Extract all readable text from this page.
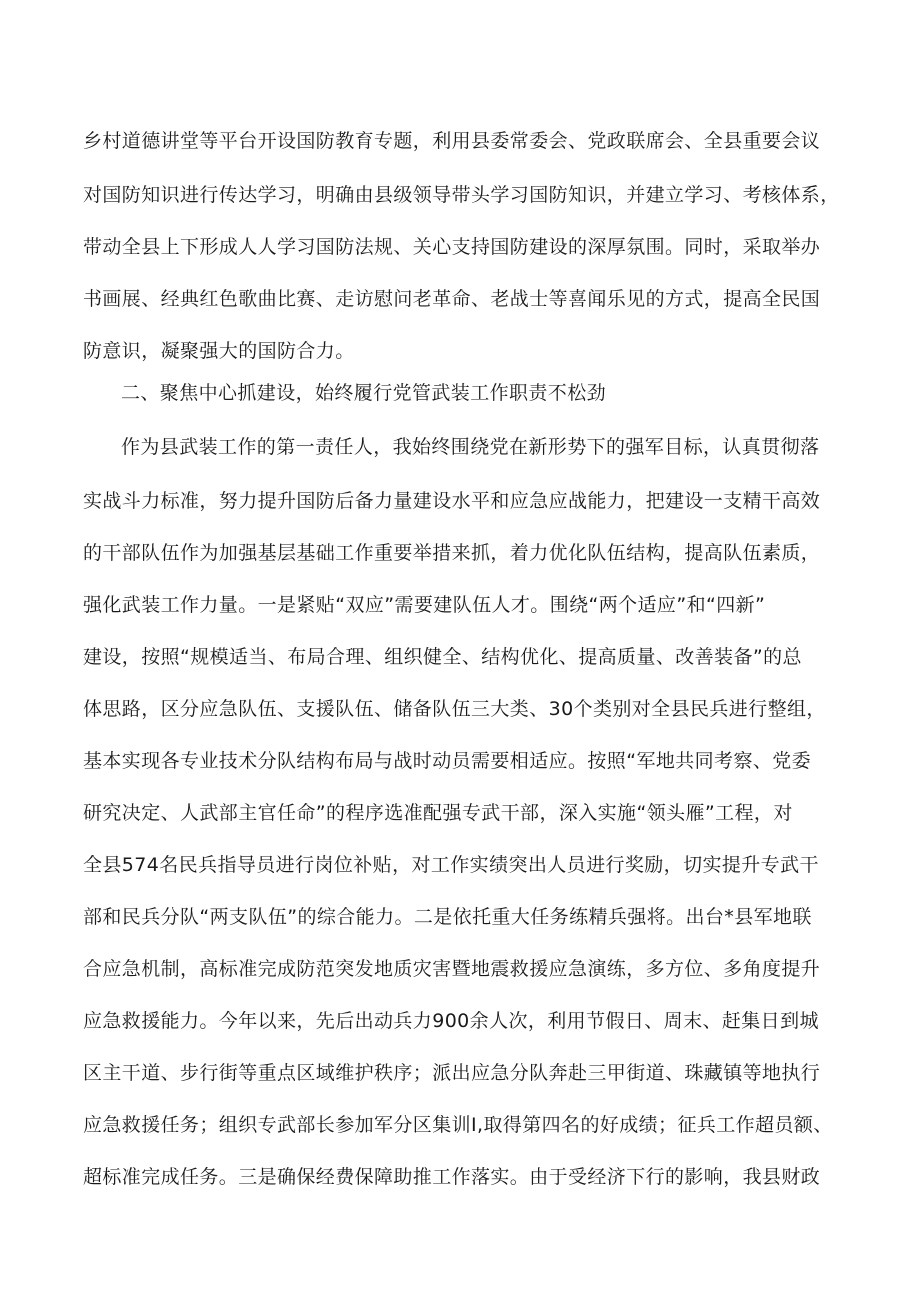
乡村道德讲堂等平台开设国防教育专题，利用县委常委会、党政联席会、全县重要会议
对国防知识进行传达学习，明确由县级领导带头学习国防知识，并建立学习、考核体系，
带动全县上下形成人人学习国防法规、关心支持国防建设的深厚氛围。同时，采取举办
书画展、经典红色歌曲比赛、走访慰问老革命、老战士等喜闻乐见的方式，提高全民国
防意识，凝聚强大的国防合力。
二、聚焦中心抓建设，始终履行党管武装工作职责不松劲
作为县武装工作的第一责任人，我始终围绕党在新形势下的强军目标，认真贯彻落
实战斗力标准，努力提升国防后备力量建设水平和应急应战能力，把建设一支精干高效
的干部队伍作为加强基层基础工作重要举措来抓，着力优化队伍结构，提高队伍素质，
强化武装工作力量。一是紧贴“双应”需要建队伍人才。围绕“两个适应”和“四新”
建设，按照“规模适当、布局合理、组织健全、结构优化、提高质量、改善装备”的总
体思路，区分应急队伍、支援队伍、储备队伍三大类、30个类别对全县民兵进行整组，
基本实现各专业技术分队结构布局与战时动员需要相适应。按照“军地共同考察、党委
研究决定、人武部主官任命”的程序选准配强专武干部，深入实施“领头雁”工程，对
全县574名民兵指导员进行岗位补贴，对工作实绩突出人员进行奖励，切实提升专武干
部和民兵分队“两支队伍”的综合能力。二是依托重大任务练精兵强将。出台*县军地联
合应急机制，高标准完成防范突发地质灾害暨地震救援应急演练，多方位、多角度提升
应急救援能力。今年以来，先后出动兵力900余人次，利用节假日、周末、赶集日到城
区主干道、步行街等重点区域维护秩序；派出应急分队奔赴三甲街道、珠藏镇等地执行
应急救援任务；组织专武部长参加军分区集训I,取得第四名的好成绩；征兵工作超员额、
超标准完成任务。三是确保经费保障助推工作落实。由于受经济下行的影响，我县财政
